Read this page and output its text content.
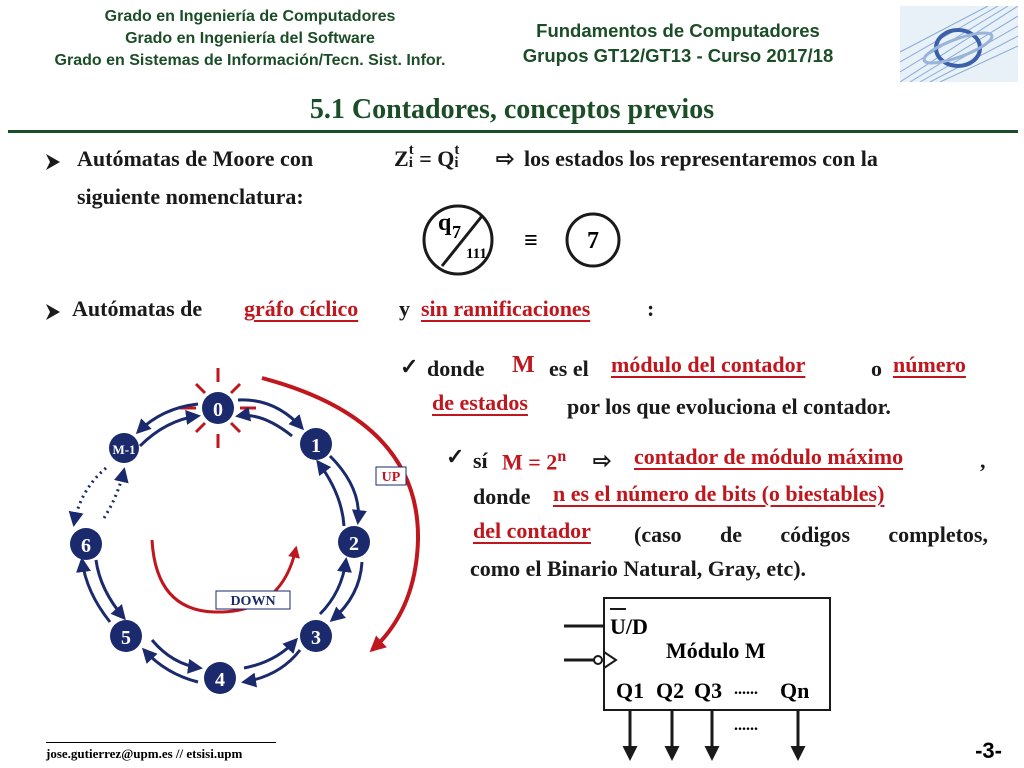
Grado en Ingeniería de Computadores
Grado en Ingeniería del Software
Grado en Sistemas de Información/Tecn. Sist. Infor.
Fundamentos de Computadores
Grupos GT12/GT13 - Curso 2017/18
5.1 Contadores, conceptos previos
Autómatas de Moore con	Zt
i = Qt
i ⇨ los estados los representaremos con la
siguiente nomenclatura:
q 7
111 ≡ 7
Autómatas de gráfo cíclico y sin ramificaciones	:
✓ donde M es el módulo del contador	o número
de estados por los que evoluciona el contador.
✓ sí $M = 2^n$ ⇨ contador de módulo máximo	,
donde n es el número de bits (o biestables)
del contador (caso de códigos completos,
como el Binario Natural, Gray, etc).
0
1
2
3
4
5
6
M-1
UP
DOWN
U/D
Módulo M
Q1 Q2 Q3 ...... Qn
......
jose.gutierrez@upm.es // etsisi.upm	-3-
